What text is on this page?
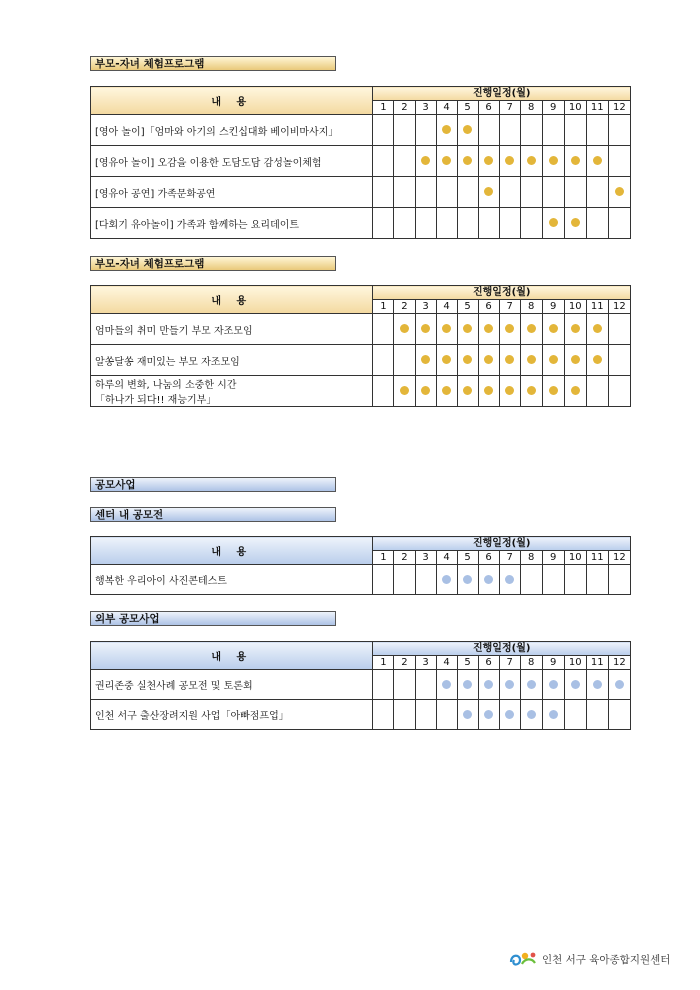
부모-자녀 체험프로그램
내 용	진행일정(월)											
	1	2	3	4	5	6	7	8	9	10	11	12

[영아 놀이]「엄마와 아기의 스킨십대화 베이비마사지」												

[영유아 놀이] 오감을 이용한 도담도담 감성놀이체험												

[영유아 공연] 가족문화공연												

[다회기 유아놀이] 가족과 함께하는 요리데이트												

부모-자녀 체험프로그램
내 용	진행일정(월)											
	1	2	3	4	5	6	7	8	9	10	11	12

엄마들의 취미 만들기 부모 자조모임												

알쏭달쏭 재미있는 부모 자조모임												

하루의 변화, 나눔의 소중한 시간
「하나가 되다!! 재능기부」												

공모사업
센터 내 공모전
내 용	진행일정(월)											
	1	2	3	4	5	6	7	8	9	10	11	12

행복한 우리아이 사진콘테스트												

외부 공모사업
내 용	진행일정(월)											
	1	2	3	4	5	6	7	8	9	10	11	12

권리존중 실천사례 공모전 및 토론회												

인천 서구 출산장려지원 사업「아빠점프업」												

인천 서구 육아종합지원센터
